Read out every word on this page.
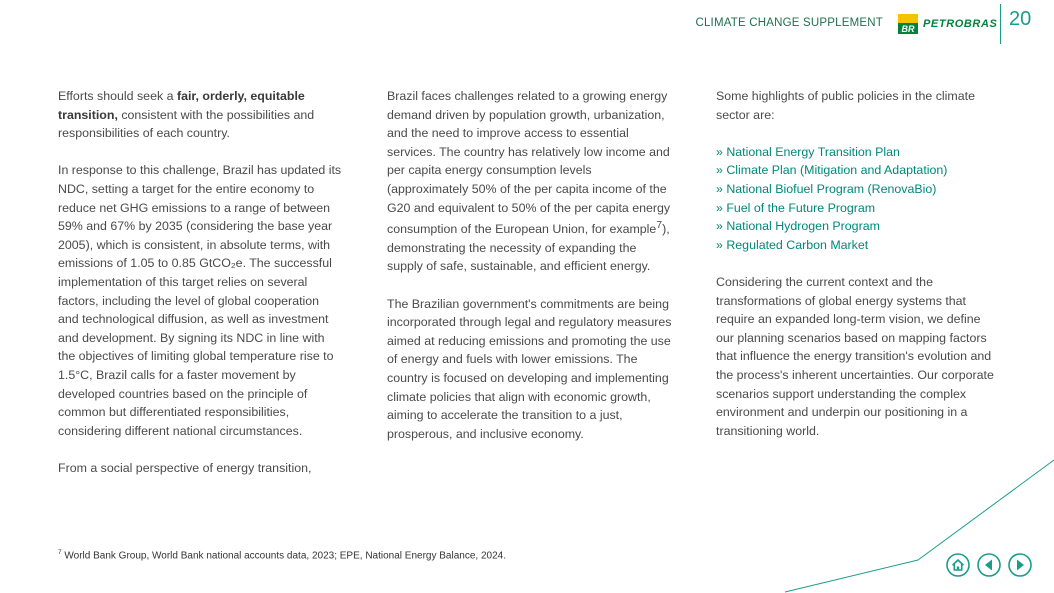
CLIMATE CHANGE SUPPLEMENT BR PETROBRAS 20

Efforts should seek a fair, orderly, equitable transition, consistent with the possibilities and responsibilities of each country.

In response to this challenge, Brazil has updated its NDC, setting a target for the entire economy to reduce net GHG emissions to a range of between 59% and 67% by 2035 (considering the base year 2005), which is consistent, in absolute terms, with emissions of 1.05 to 0.85 GtCO₂e. The successful implementation of this target relies on several factors, including the level of global cooperation and technological diffusion, as well as investment and development. By signing its NDC in line with the objectives of limiting global temperature rise to 1.5°C, Brazil calls for a faster movement by developed countries based on the principle of common but differentiated responsibilities, considering different national circumstances.

From a social perspective of energy transition,

Brazil faces challenges related to a growing energy demand driven by population growth, urbanization, and the need to improve access to essential services. The country has relatively low income and per capita energy consumption levels (approximately 50% of the per capita income of the G20 and equivalent to 50% of the per capita energy consumption of the European Union, for example$^7$), demonstrating the necessity of expanding the supply of safe, sustainable, and efficient energy.

The Brazilian government's commitments are being incorporated through legal and regulatory measures aimed at reducing emissions and promoting the use of energy and fuels with lower emissions. The country is focused on developing and implementing climate policies that align with economic growth, aiming to accelerate the transition to a just, prosperous, and inclusive economy.

Some highlights of public policies in the climate sector are:

» National Energy Transition Plan
» Climate Plan (Mitigation and Adaptation)
» National Biofuel Program (RenovaBio)
» Fuel of the Future Program
» National Hydrogen Program
» Regulated Carbon Market

Considering the current context and the transformations of global energy systems that require an expanded long-term vision, we define our planning scenarios based on mapping factors that influence the energy transition's evolution and the process's inherent uncertainties. Our corporate scenarios support understanding the complex environment and underpin our positioning in a transitioning world.

$^7$ World Bank Group, World Bank national accounts data, 2023; EPE, National Energy Balance, 2024.
